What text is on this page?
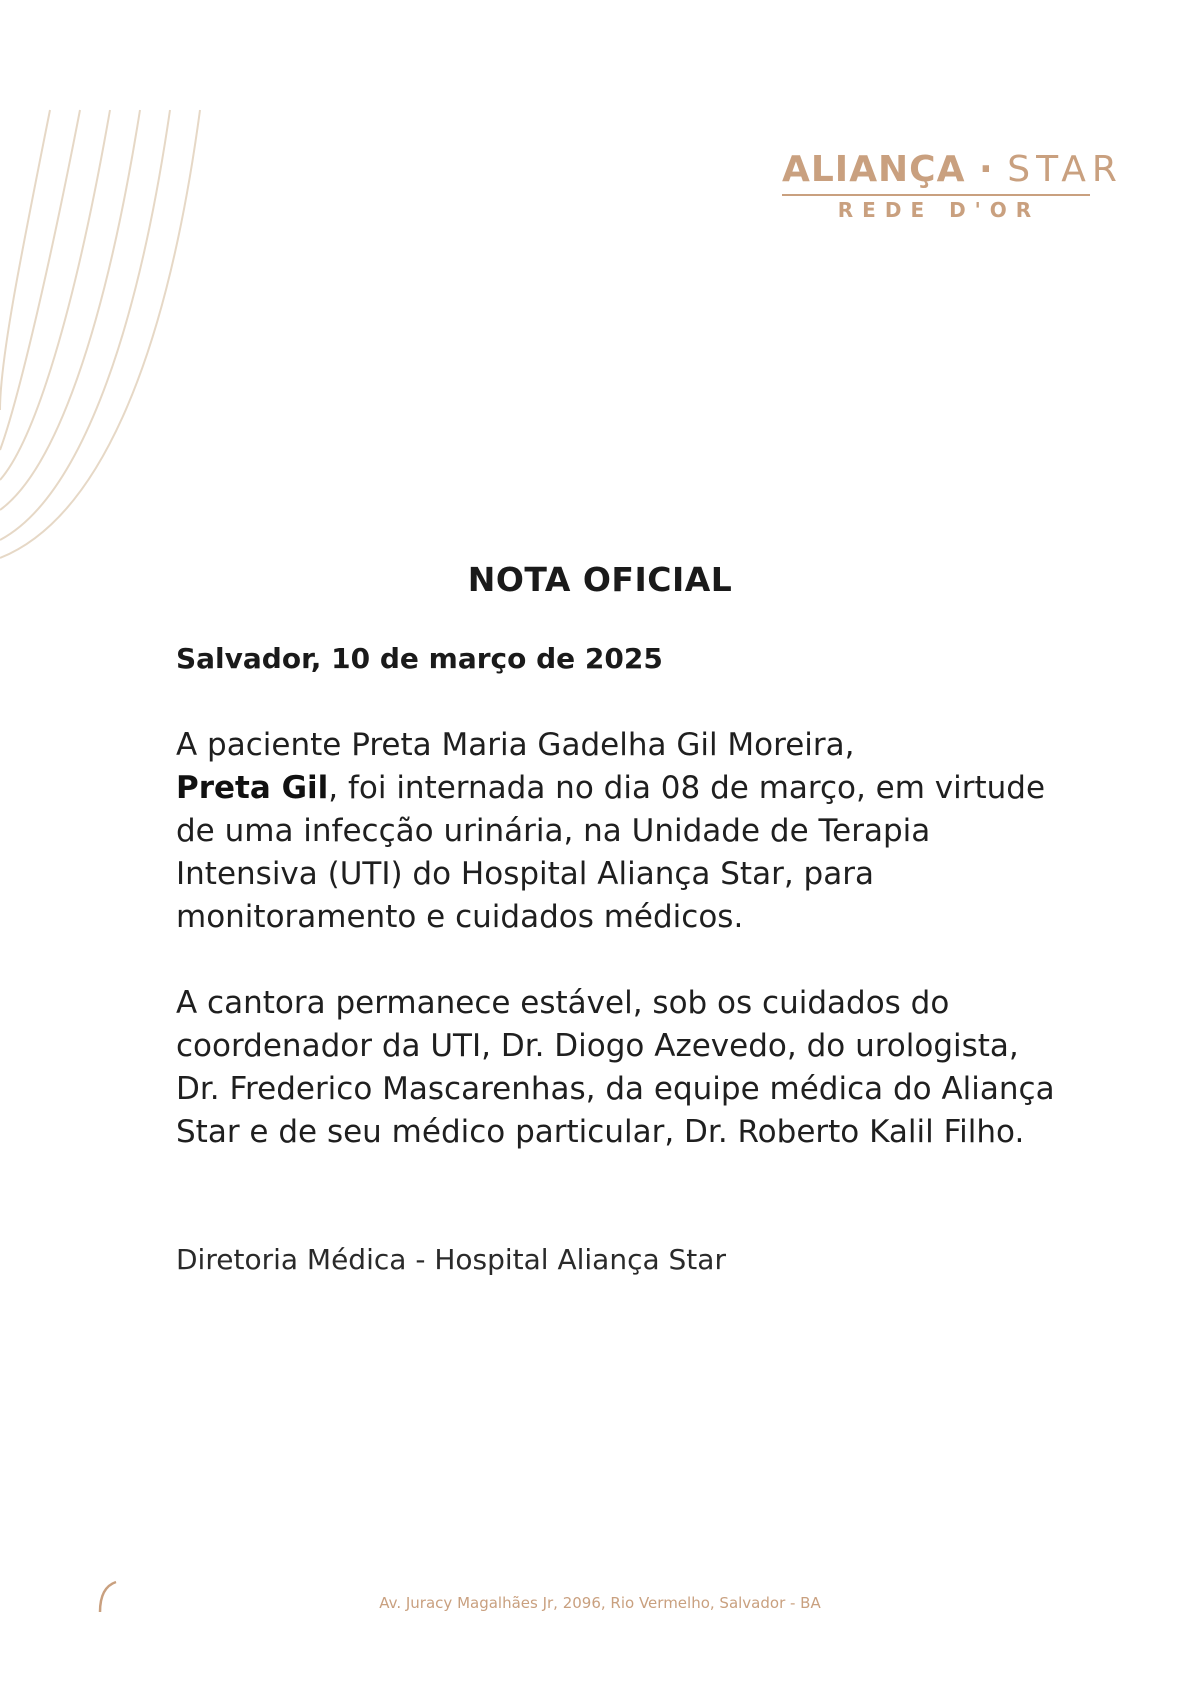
ALIANÇA · STAR
REDE D'OR
NOTA OFICIAL

Salvador, 10 de março de 2025

A paciente Preta Maria Gadelha Gil Moreira,
Preta Gil, foi internada no dia 08 de março, em virtude de uma infecção urinária, na Unidade de Terapia Intensiva (UTI) do Hospital Aliança Star, para monitoramento e cuidados médicos.

A cantora permanece estável, sob os cuidados do coordenador da UTI, Dr. Diogo Azevedo, do urologista, Dr. Frederico Mascarenhas, da equipe médica do Aliança Star e de seu médico particular, Dr. Roberto Kalil Filho.

Diretoria Médica - Hospital Aliança Star

Av. Juracy Magalhães Jr, 2096, Rio Vermelho, Salvador - BA
